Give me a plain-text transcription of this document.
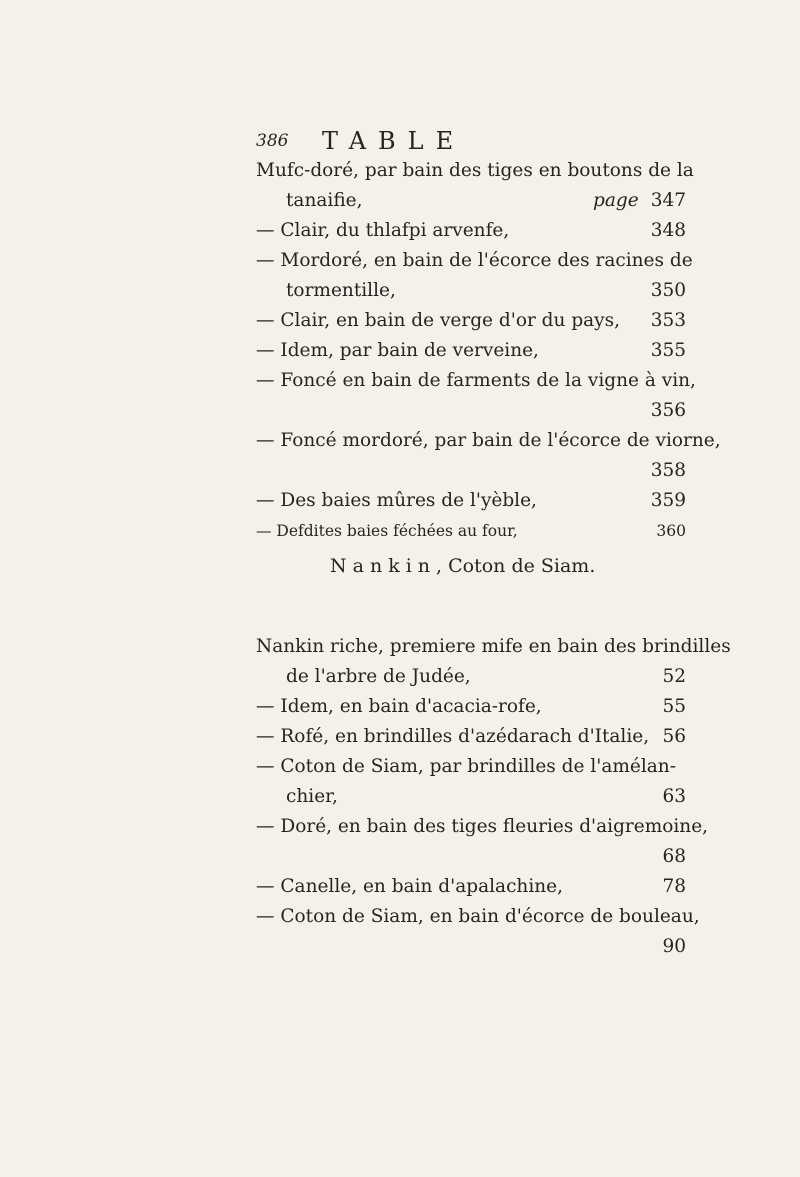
386 TABLE
Mufc-doré, par bain des tiges en boutons de la
tanaifie,	page 347
— Clair, du thlafpi arvenfe,	348
— Mordoré, en bain de l'écorce des racines de
tormentille,	350
— Clair, en bain de verge d'or du pays, 353
— Idem, par bain de verveine,	355
— Foncé en bain de farments de la vigne à vin,
356
— Foncé mordoré, par bain de l'écorce de viorne,
358
— Des baies mûres de l'yèble,	359
— Defdites baies féchées au four,	360
Nankin, Coton de Siam.
Nankin riche, premiere mife en bain des brindilles
de l'arbre de Judée,	52
— Idem, en bain d'acacia-rofe,	55
— Rofé, en brindilles d'azédarach d'Italie, 56
— Coton de Siam, par brindilles de l'amélan-
chier,	63
— Doré, en bain des tiges fleuries d'aigremoine,
68
— Canelle, en bain d'apalachine,	78
— Coton de Siam, en bain d'écorce de bouleau,
90
